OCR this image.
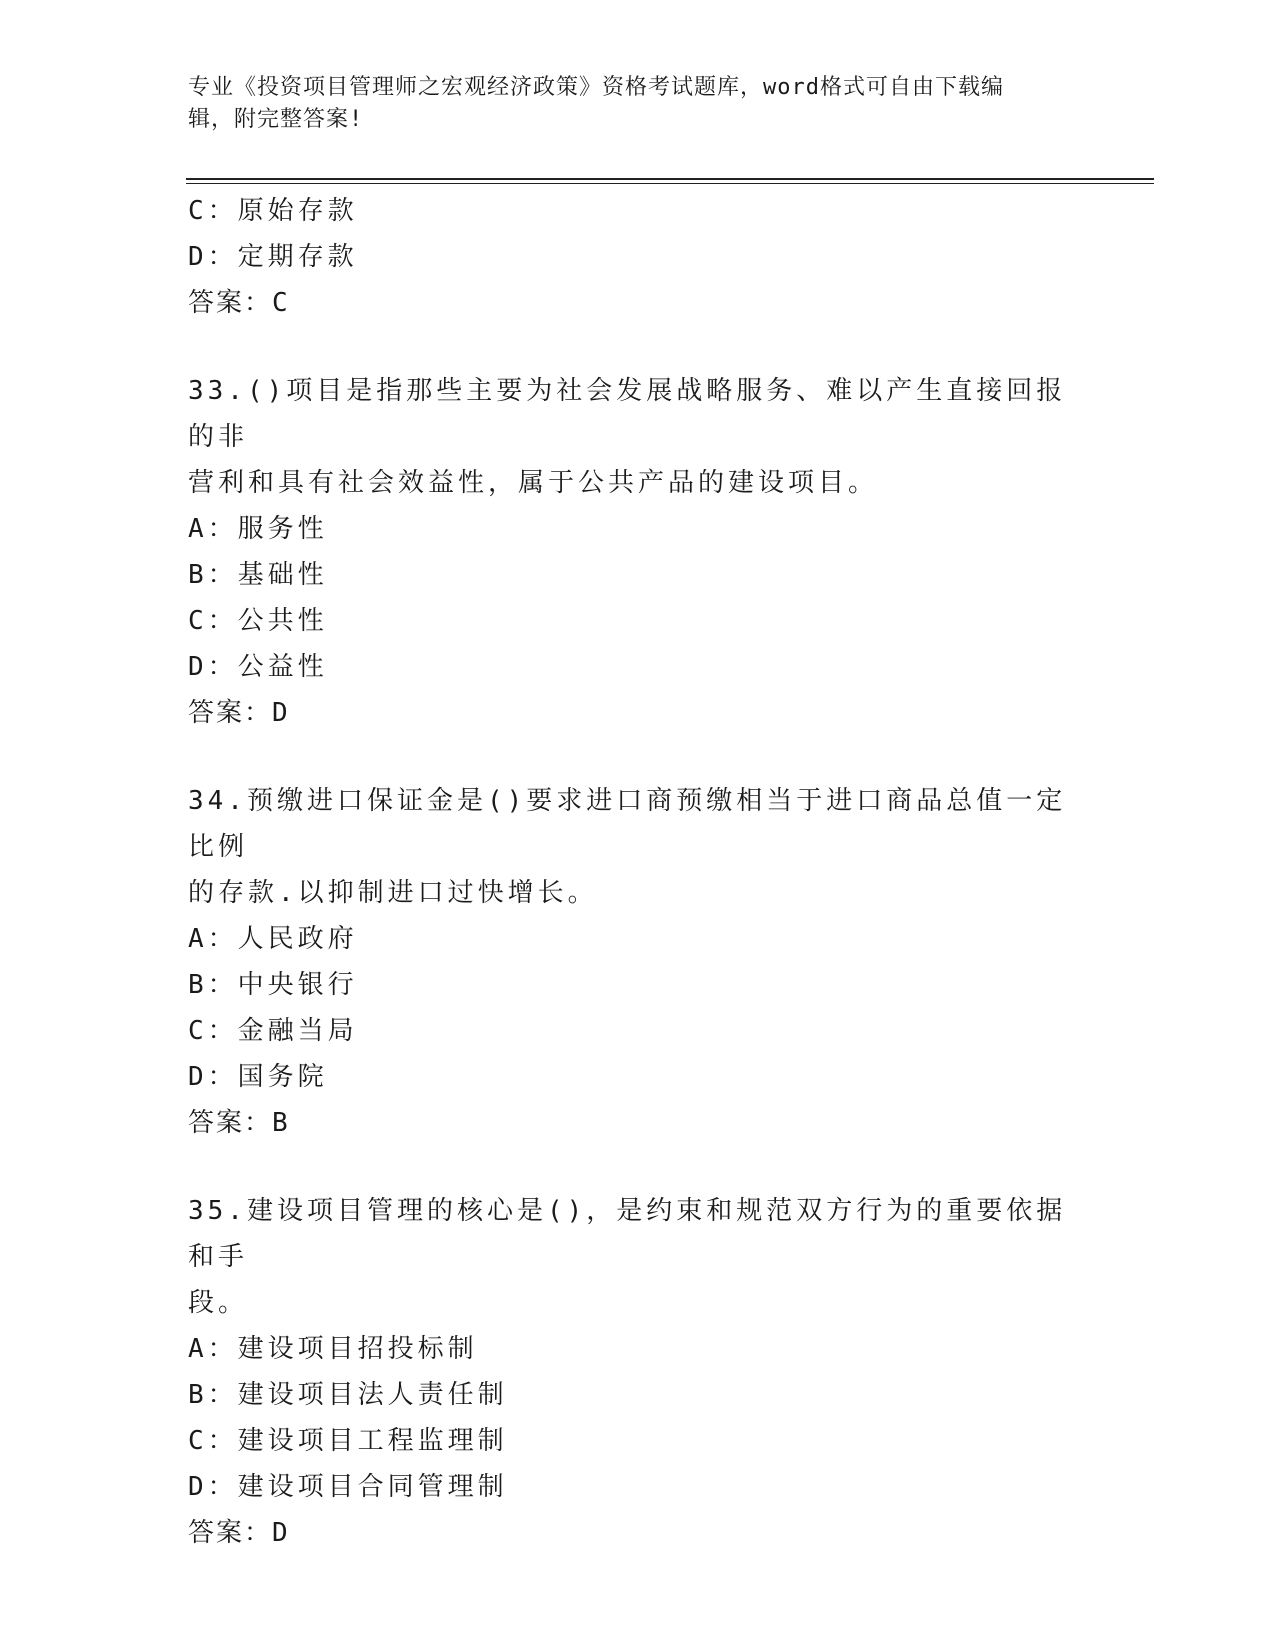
专业《投资项目管理师之宏观经济政策》资格考试题库，word格式可自由下载编
辑，附完整答案!
C：原始存款
D：定期存款
答案：C
33.()项目是指那些主要为社会发展战略服务、难以产生直接回报的非
营利和具有社会效益性，属于公共产品的建设项目。
A：服务性
B：基础性
C：公共性
D：公益性
答案：D
34.预缴进口保证金是()要求进口商预缴相当于进口商品总值一定比例
的存款.以抑制进口过快增长。
A：人民政府
B：中央银行
C：金融当局
D：国务院
答案：B
35.建设项目管理的核心是()，是约束和规范双方行为的重要依据和手
段。
A：建设项目招投标制
B：建设项目法人责任制
C：建设项目工程监理制
D：建设项目合同管理制
答案：D
